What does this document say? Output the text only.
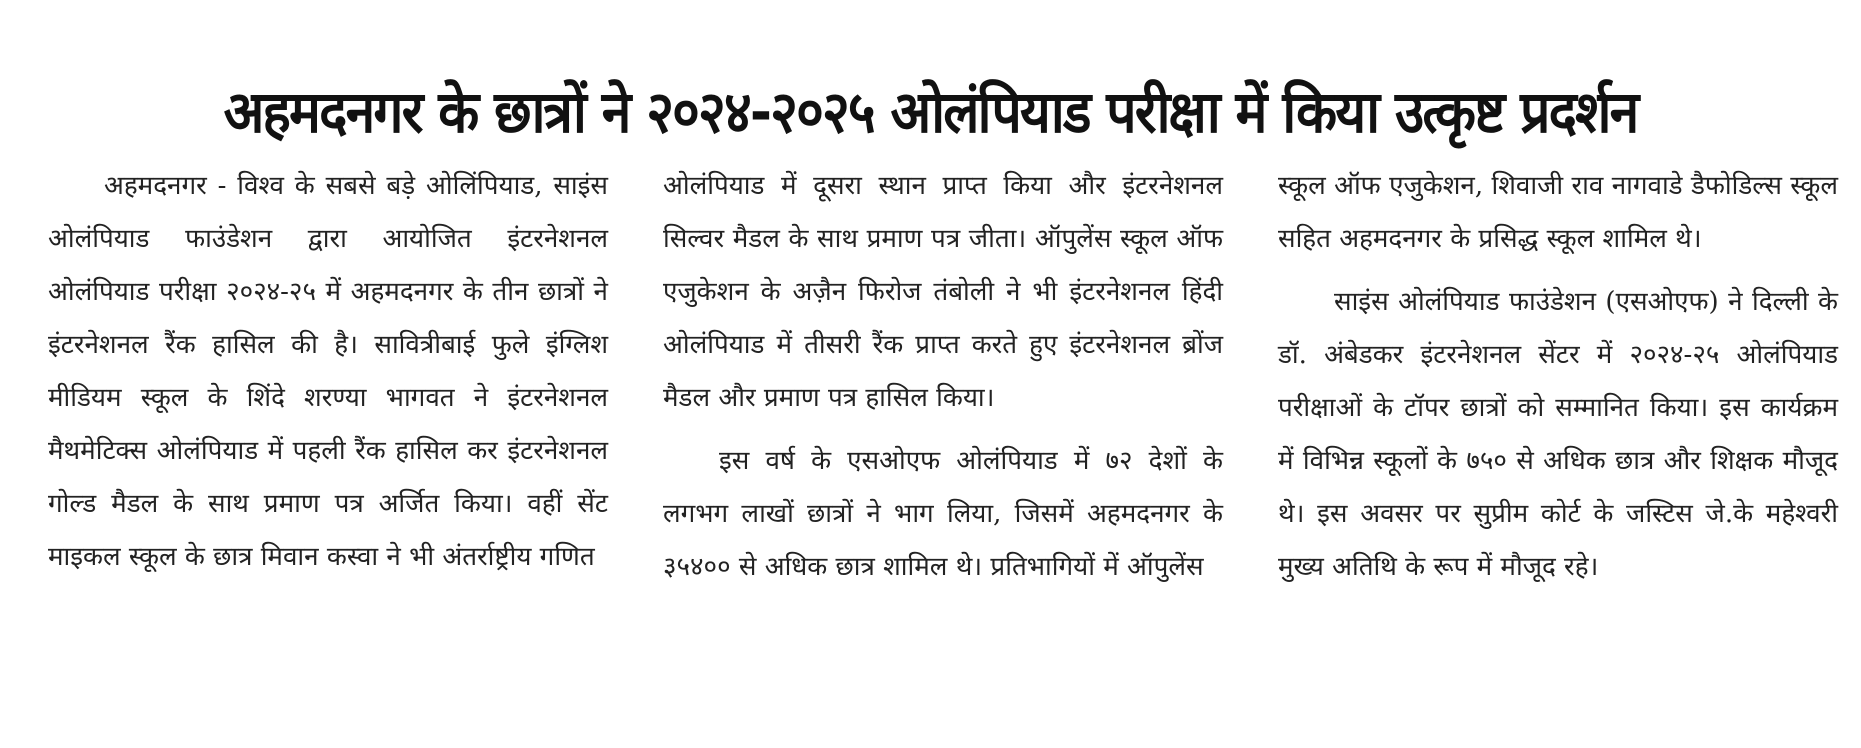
अहमदनगर के छात्रों ने २०२४-२०२५ ओलंपियाड परीक्षा में किया उत्कृष्ट प्रदर्शन

अहमदनगर - विश्व के सबसे बड़े ओलिंपियाड, साइंस ओलंपियाड फाउंडेशन द्वारा आयोजित इंटरनेशनल ओलंपियाड परीक्षा २०२४-२५ में अहमदनगर के तीन छात्रों ने इंटरनेशनल रैंक हासिल की है। सावित्रीबाई फुले इंग्लिश मीडियम स्कूल के शिंदे शरण्या भागवत ने इंटरनेशनल मैथमेटिक्स ओलंपियाड में पहली रैंक हासिल कर इंटरनेशनल गोल्ड मैडल के साथ प्रमाण पत्र अर्जित किया। वहीं सेंट माइकल स्कूल के छात्र मिवान कस्वा ने भी अंतर्राष्ट्रीय गणित

ओलंपियाड में दूसरा स्थान प्राप्त किया और इंटरनेशनल सिल्वर मैडल के साथ प्रमाण पत्र जीता। ऑपुलेंस स्कूल ऑफ एजुकेशन के अज़ैन फिरोज तंबोली ने भी इंटरनेशनल हिंदी ओलंपियाड में तीसरी रैंक प्राप्त करते हुए इंटरनेशनल ब्रोंज मैडल और प्रमाण पत्र हासिल किया।

इस वर्ष के एसओएफ ओलंपियाड में ७२ देशों के लगभग लाखों छात्रों ने भाग लिया, जिसमें अहमदनगर के ३५४०० से अधिक छात्र शामिल थे। प्रतिभागियों में ऑपुलेंस

स्कूल ऑफ एजुकेशन, शिवाजी राव नागवाडे डैफोडिल्स स्कूल सहित अहमदनगर के प्रसिद्ध स्कूल शामिल थे।

साइंस ओलंपियाड फाउंडेशन (एसओएफ) ने दिल्ली के डॉ. अंबेडकर इंटरनेशनल सेंटर में २०२४-२५ ओलंपियाड परीक्षाओं के टॉपर छात्रों को सम्मानित किया। इस कार्यक्रम में विभिन्न स्कूलों के ७५० से अधिक छात्र और शिक्षक मौजूद थे। इस अवसर पर सुप्रीम कोर्ट के जस्टिस जे.के महेश्वरी मुख्य अतिथि के रूप में मौजूद रहे।
